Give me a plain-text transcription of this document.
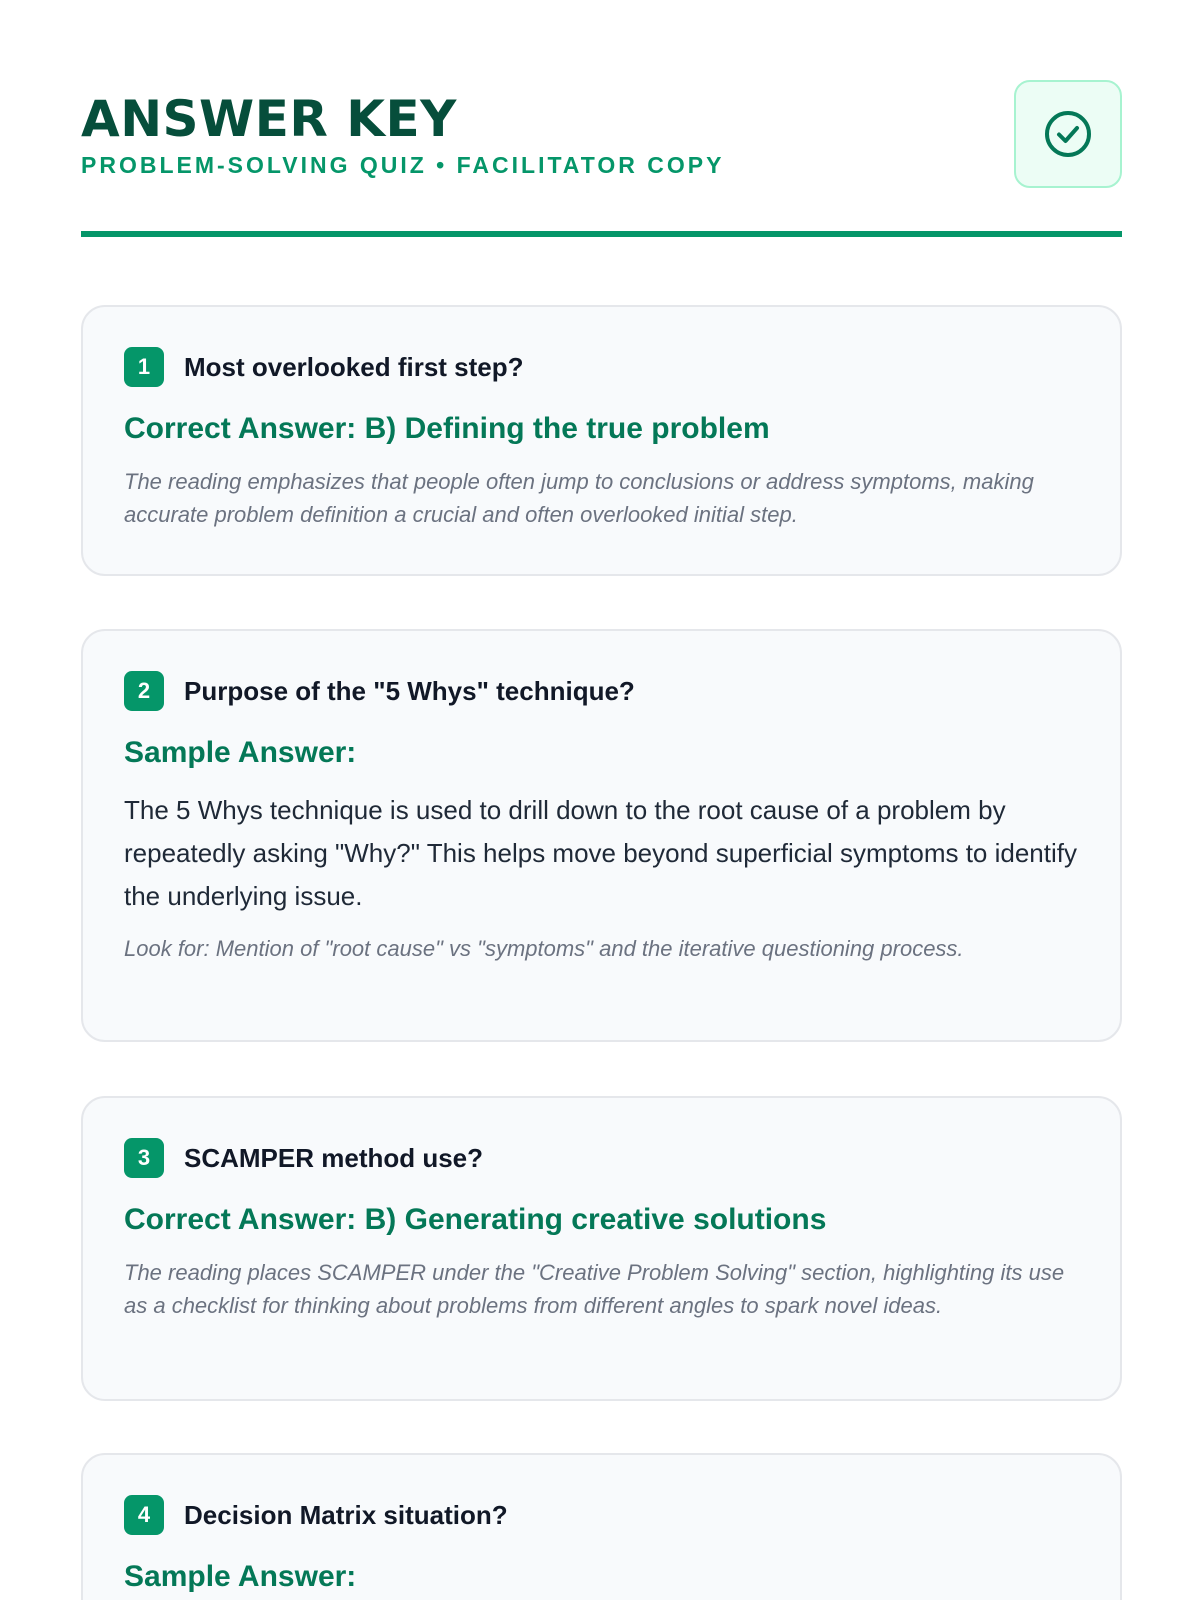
ANSWER KEY
PROBLEM-SOLVING QUIZ • FACILITATOR COPY
1	Most overlooked first step?
Correct Answer: B) Defining the true problem
The reading emphasizes that people often jump to conclusions or address symptoms, making accurate problem definition a crucial and often overlooked initial step.
2	Purpose of the "5 Whys" technique?
Sample Answer:
The 5 Whys technique is used to drill down to the root cause of a problem by repeatedly asking "Why?" This helps move beyond superficial symptoms to identify the underlying issue.
Look for: Mention of "root cause" vs "symptoms" and the iterative questioning process.
3	SCAMPER method use?
Correct Answer: B) Generating creative solutions
The reading places SCAMPER under the "Creative Problem Solving" section, highlighting its use as a checklist for thinking about problems from different angles to spark novel ideas.
4	Decision Matrix situation?
Sample Answer:
